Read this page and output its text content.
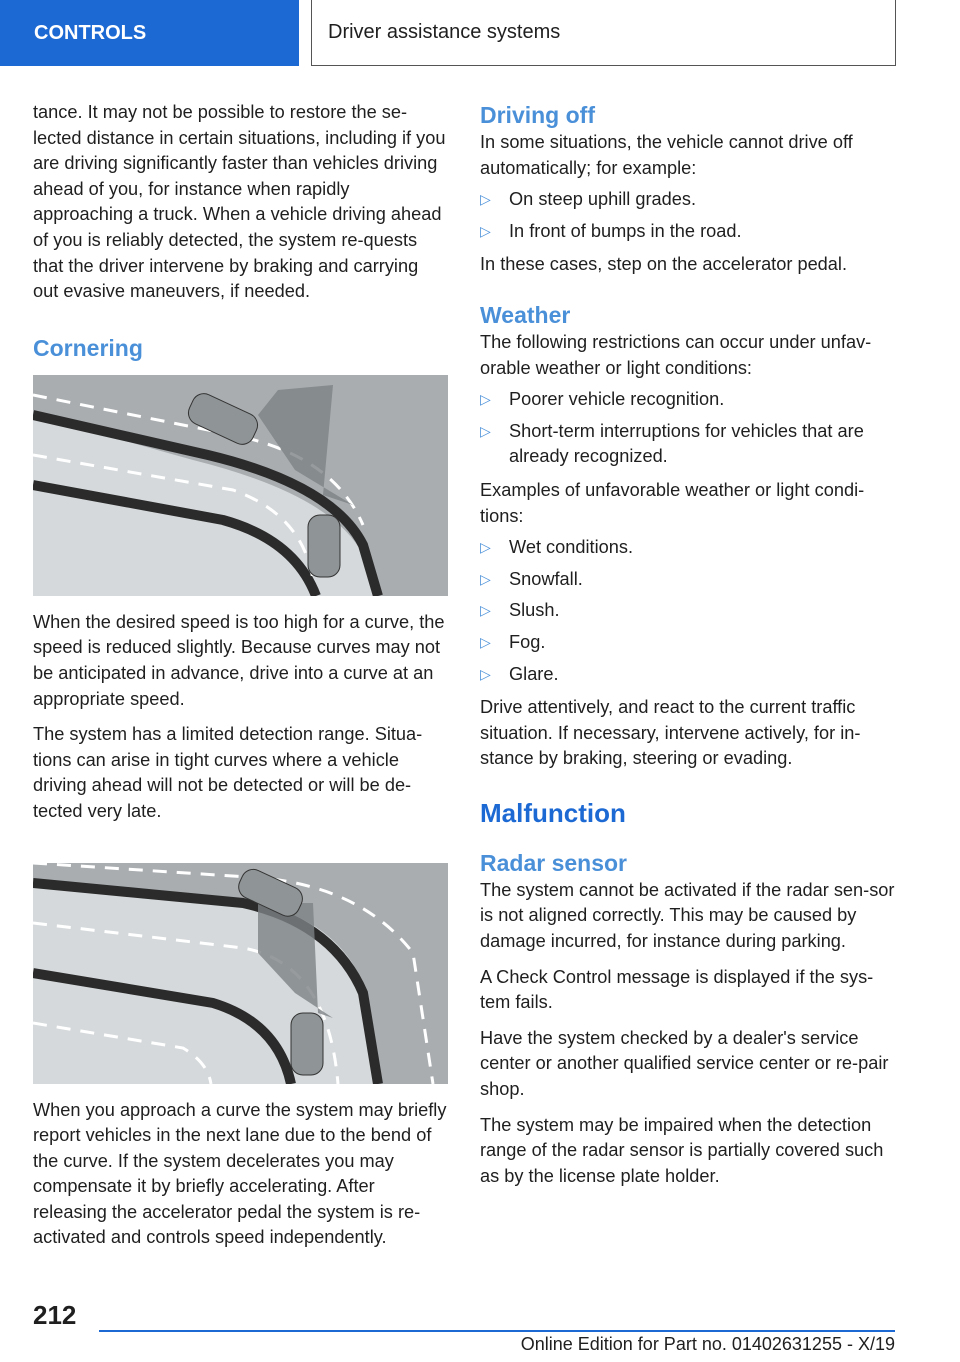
CONTROLS	Driver assistance systems

tance. It may not be possible to restore the se‐lected distance in certain situations, including if you are driving significantly faster than vehicles driving ahead of you, for instance when rapidly approaching a truck. When a vehicle driving ahead of you is reliably detected, the system re‐quests that the driver intervene by braking and carrying out evasive maneuvers, if needed.

Cornering

When the desired speed is too high for a curve, the speed is reduced slightly. Because curves may not be anticipated in advance, drive into a curve at an appropriate speed.

The system has a limited detection range. Situa‐tions can arise in tight curves where a vehicle driving ahead will not be detected or will be de‐tected very late.

When you approach a curve the system may briefly report vehicles in the next lane due to the bend of the curve. If the system decelerates you may compensate it by briefly accelerating. After releasing the accelerator pedal the system is re‐activated and controls speed independently.

Driving off

In some situations, the vehicle cannot drive off automatically; for example:

▷ On steep uphill grades.
▷ In front of bumps in the road.

In these cases, step on the accelerator pedal.

Weather

The following restrictions can occur under unfav‐orable weather or light conditions:

▷ Poorer vehicle recognition.
▷ Short-term interruptions for vehicles that are already recognized.

Examples of unfavorable weather or light condi‐tions:

▷ Wet conditions.
▷ Snowfall.
▷ Slush.
▷ Fog.
▷ Glare.

Drive attentively, and react to the current traffic situation. If necessary, intervene actively, for in‐stance by braking, steering or evading.

Malfunction
Radar sensor

The system cannot be activated if the radar sen‐sor is not aligned correctly. This may be caused by damage incurred, for instance during parking.

A Check Control message is displayed if the sys‐tem fails.

Have the system checked by a dealer's service center or another qualified service center or re‐pair shop.

The system may be impaired when the detection range of the radar sensor is partially covered such as by the license plate holder.

212
Online Edition for Part no. 01402631255 - X/19
